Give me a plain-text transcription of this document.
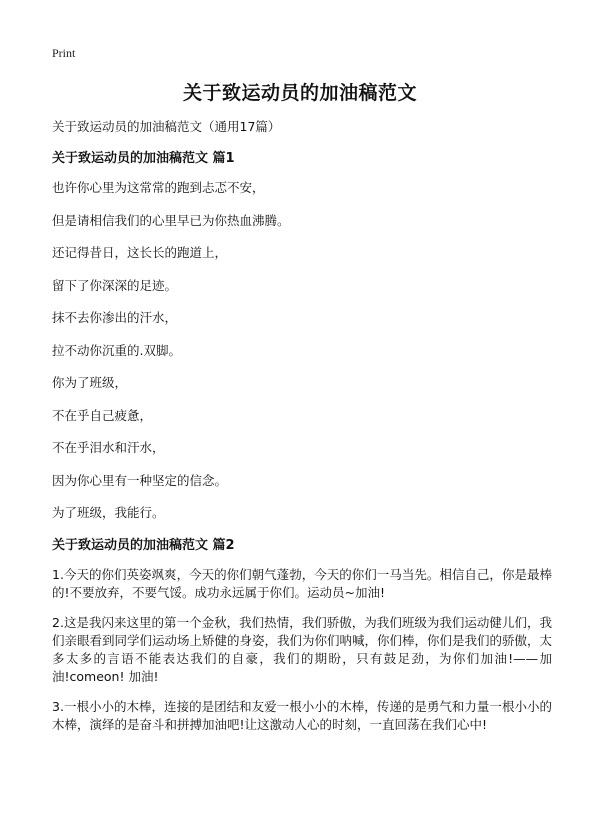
Print
关于致运动员的加油稿范文

关于致运动员的加油稿范文（通用17篇）

关于致运动员的加油稿范文 篇1

也许你心里为这常常的跑到忐忑不安，

但是请相信我们的心里早已为你热血沸腾。

还记得昔日，这长长的跑道上，

留下了你深深的足迹。

抹不去你渗出的汗水，

拉不动你沉重的.双脚。

你为了班级，

不在乎自己疲惫，

不在乎泪水和汗水，

因为你心里有一种坚定的信念。

为了班级，我能行。

关于致运动员的加油稿范文 篇2

1.今天的你们英姿飒爽，今天的你们朝气蓬勃，今天的你们一马当先。相信自己，你是最棒的!不要放弃，不要气馁。成功永远属于你们。运动员~加油!

2.这是我闪来这里的第一个金秋，我们热情，我们骄傲，为我们班级为我们运动健儿们，我们亲眼看到同学们运动场上矫健的身姿，我们为你们呐喊，你们棒，你们是我们的骄傲，太多太多的言语不能表达我们的自豪，我们的期盼，只有鼓足劲，为你们加油!——加油!comeon! 加油!

3.一根小小的木棒，连接的是团结和友爱一根小小的木棒，传递的是勇气和力量一根小小的木棒，演绎的是奋斗和拼搏加油吧!让这激动人心的时刻，一直回荡在我们心中!
